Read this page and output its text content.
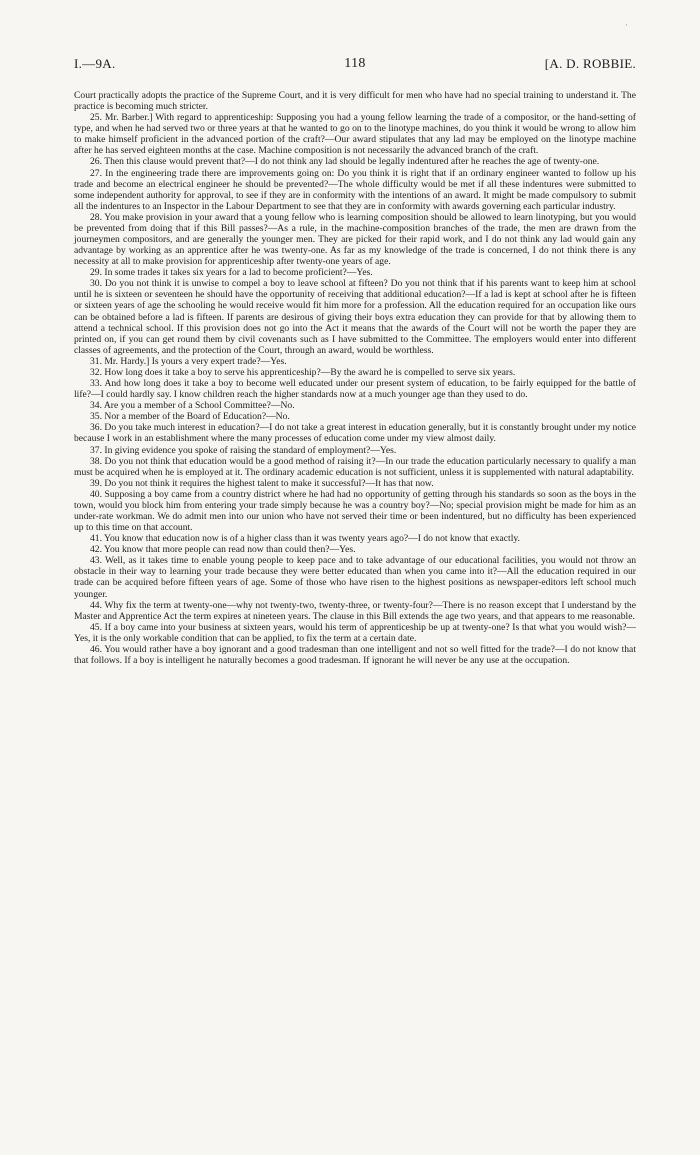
·
I.—9A.	118	[A. D. ROBBIE.

Court practically adopts the practice of the Supreme Court, and it is very difficult for men who have had no special training to understand it. The practice is becoming much stricter.

25. Mr. Barber.] With regard to apprenticeship: Supposing you had a young fellow learning the trade of a compositor, or the hand-setting of type, and when he had served two or three years at that he wanted to go on to the linotype machines, do you think it would be wrong to allow him to make himself proficient in the advanced portion of the craft?—Our award stipulates that any lad may be employed on the linotype machine after he has served eighteen months at the case. Machine composition is not necessarily the advanced branch of the craft.

26. Then this clause would prevent that?—I do not think any lad should be legally indentured after he reaches the age of twenty-one.

27. In the engineering trade there are improvements going on: Do you think it is right that if an ordinary engineer wanted to follow up his trade and become an electrical engineer he should be prevented?—The whole difficulty would be met if all these indentures were submitted to some independent authority for approval, to see if they are in conformity with the intentions of an award. It might be made compulsory to submit all the indentures to an Inspector in the Labour Department to see that they are in conformity with awards governing each particular industry.

28. You make provision in your award that a young fellow who is learning composition should be allowed to learn linotyping, but you would be prevented from doing that if this Bill passes?—As a rule, in the machine-composition branches of the trade, the men are drawn from the journeymen compositors, and are generally the younger men. They are picked for their rapid work, and I do not think any lad would gain any advantage by working as an apprentice after he was twenty-one. As far as my knowledge of the trade is concerned, I do not think there is any necessity at all to make provision for apprenticeship after twenty-one years of age.

29. In some trades it takes six years for a lad to become proficient?—Yes.

30. Do you not think it is unwise to compel a boy to leave school at fifteen? Do you not think that if his parents want to keep him at school until he is sixteen or seventeen he should have the opportunity of receiving that additional education?—If a lad is kept at school after he is fifteen or sixteen years of age the schooling he would receive would fit him more for a profession. All the education required for an occupation like ours can be obtained before a lad is fifteen. If parents are desirous of giving their boys extra education they can provide for that by allowing them to attend a technical school. If this provision does not go into the Act it means that the awards of the Court will not be worth the paper they are printed on, if you can get round them by civil covenants such as I have submitted to the Committee. The employers would enter into different classes of agreements, and the protection of the Court, through an award, would be worthless.

31. Mr. Hardy.] Is yours a very expert trade?—Yes.

32. How long does it take a boy to serve his apprenticeship?—By the award he is compelled to serve six years.

33. And how long does it take a boy to become well educated under our present system of education, to be fairly equipped for the battle of life?—I could hardly say. I know children reach the higher standards now at a much younger age than they used to do.

34. Are you a member of a School Committee?—No.

35. Nor a member of the Board of Education?—No.

36. Do you take much interest in education?—I do not take a great interest in education generally, but it is constantly brought under my notice because I work in an establishment where the many processes of education come under my view almost daily.

37. In giving evidence you spoke of raising the standard of employment?—Yes.

38. Do you not think that education would be a good method of raising it?—In our trade the education particularly necessary to qualify a man must be acquired when he is employed at it. The ordinary academic education is not sufficient, unless it is supplemented with natural adaptability.

39. Do you not think it requires the highest talent to make it successful?—It has that now.

40. Supposing a boy came from a country district where he had had no opportunity of getting through his standards so soon as the boys in the town, would you block him from entering your trade simply because he was a country boy?—No; special provision might be made for him as an under-rate workman. We do admit men into our union who have not served their time or been indentured, but no difficulty has been experienced up to this time on that account.

41. You know that education now is of a higher class than it was twenty years ago?—I do not know that exactly.

42. You know that more people can read now than could then?—Yes.

43. Well, as it takes time to enable young people to keep pace and to take advantage of our educational facilities, you would not throw an obstacle in their way to learning your trade because they were better educated than when you came into it?—All the education required in our trade can be acquired before fifteen years of age. Some of those who have risen to the highest positions as newspaper-editors left school much younger.

44. Why fix the term at twenty-one—why not twenty-two, twenty-three, or twenty-four?—There is no reason except that I understand by the Master and Apprentice Act the term expires at nineteen years. The clause in this Bill extends the age two years, and that appears to me reasonable.

45. If a boy came into your business at sixteen years, would his term of apprenticeship be up at twenty-one? Is that what you would wish?—Yes, it is the only workable condition that can be applied, to fix the term at a certain date.

46. You would rather have a boy ignorant and a good tradesman than one intelligent and not so well fitted for the trade?—I do not know that that follows. If a boy is intelligent he naturally becomes a good tradesman. If ignorant he will never be any use at the occupation.
